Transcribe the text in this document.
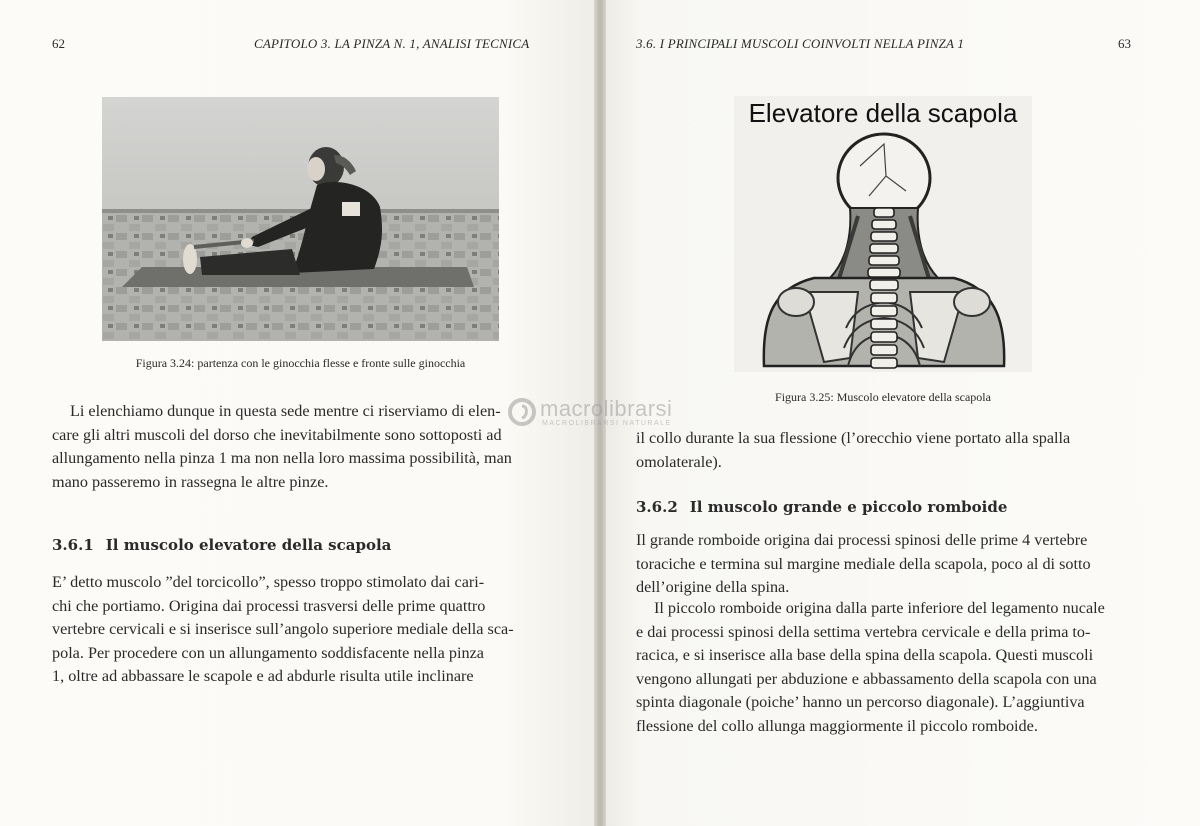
62	CAPITOLO 3. LA PINZA N. 1, ANALISI TECNICA
Figura 3.24: partenza con le ginocchia flesse e fronte sulle ginocchia

Li elenchiamo dunque in questa sede mentre ci riserviamo di elen-

care gli altri muscoli del dorso che inevitabilmente sono sottoposti ad

allungamento nella pinza 1 ma non nella loro massima possibilità, man

mano passeremo in rassegna le altre pinze.

3.6.1 Il muscolo elevatore della scapola

E’ detto muscolo ”del torcicollo”, spesso troppo stimolato dai cari-

chi che portiamo. Origina dai processi trasversi delle prime quattro

vertebre cervicali e si inserisce sull’angolo superiore mediale della sca-

pola. Per procedere con un allungamento soddisfacente nella pinza

1, oltre ad abbassare le scapole e ad abdurle risulta utile inclinare

3.6. I PRINCIPALI MUSCOLI COINVOLTI NELLA PINZA 1	63
Elevatore della scapola
Figura 3.25: Muscolo elevatore della scapola

il collo durante la sua flessione (l’orecchio viene portato alla spalla

omolaterale).

3.6.2 Il muscolo grande e piccolo romboide

Il grande romboide origina dai processi spinosi delle prime 4 vertebre

toraciche e termina sul margine mediale della scapola, poco al di sotto

dell’origine della spina.

Il piccolo romboide origina dalla parte inferiore del legamento nucale

e dai processi spinosi della settima vertebra cervicale e della prima to-

racica, e si inserisce alla base della spina della scapola. Questi muscoli

vengono allungati per abduzione e abbassamento della scapola con una

spinta diagonale (poiche’ hanno un percorso diagonale). L’aggiuntiva

flessione del collo allunga maggiormente il piccolo romboide.

macrolibrarsi
MACROLIBRARSI NATURALE
